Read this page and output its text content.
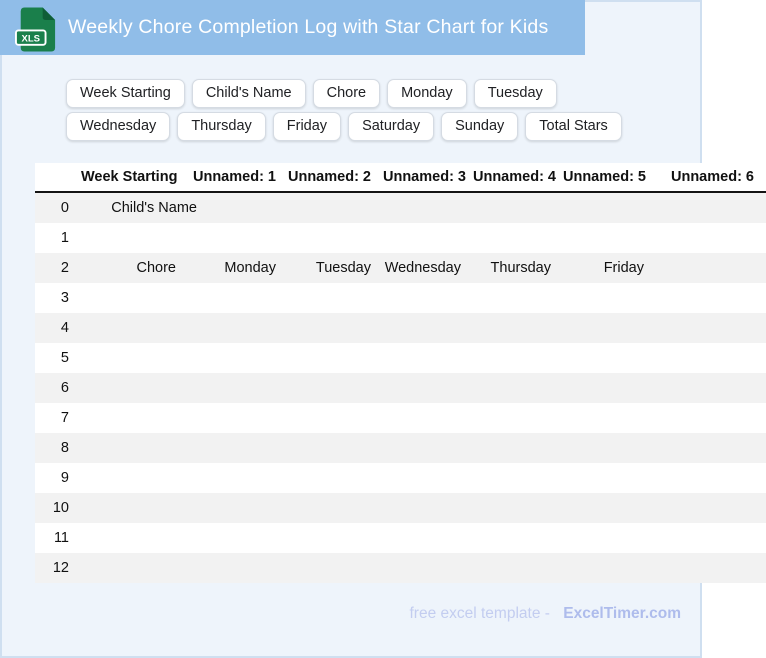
XLS
Weekly Chore Completion Log with Star Chart for Kids
Week Starting	Child's Name	Chore	Monday	Tuesday
Wednesday	Thursday	Friday	Saturday	Sunday	Total Stars
	Week Starting	Unnamed: 1	Unnamed: 2	Unnamed: 3	Unnamed: 4	Unnamed: 5	Unnamed: 6
0	Child's Name						
1							
2	Chore	Monday	Tuesday	Wednesday	Thursday	Friday	
3							
4							
5							
6							
7							
8							
9							
10							
11							
12							
free excel template - ExcelTimer.com
